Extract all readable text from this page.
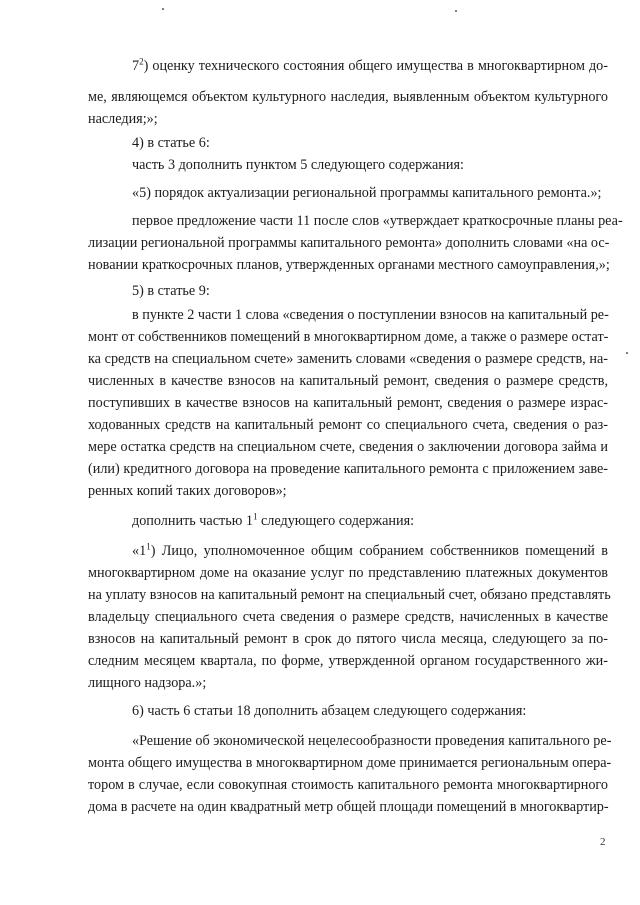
$7^2$) оценку технического состояния общего имущества в многоквартирном до-
ме, являющемся объектом культурного наследия, выявленным объектом культурного
наследия;»;
4) в статье 6:
часть 3 дополнить пунктом 5 следующего содержания:
«5) порядок актуализации региональной программы капитального ремонта.»;
первое предложение части 11 после слов «утверждает краткосрочные планы реа-
лизации региональной программы капитального ремонта» дополнить словами «на ос-
новании краткосрочных планов, утвержденных органами местного самоуправления,»;
5) в статье 9:
в пункте 2 части 1 слова «сведения о поступлении взносов на капитальный ре-
монт от собственников помещений в многоквартирном доме, а также о размере остат-
ка средств на специальном счете» заменить словами «сведения о размере средств, на-
численных в качестве взносов на капитальный ремонт, сведения о размере средств,
поступивших в качестве взносов на капитальный ремонт, сведения о размере израс-
ходованных средств на капитальный ремонт со специального счета, сведения о раз-
мере остатка средств на специальном счете, сведения о заключении договора займа и
(или) кредитного договора на проведение капитального ремонта с приложением заве-
ренных копий таких договоров»;
дополнить частью $1^1$ следующего содержания:
«$1^1$) Лицо, уполномоченное общим собранием собственников помещений в
многоквартирном доме на оказание услуг по представлению платежных документов
на уплату взносов на капитальный ремонт на специальный счет, обязано представлять
владельцу специального счета сведения о размере средств, начисленных в качестве
взносов на капитальный ремонт в срок до пятого числа месяца, следующего за по-
следним месяцем квартала, по форме, утвержденной органом государственного жи-
лищного надзора.»;
6) часть 6 статьи 18 дополнить абзацем следующего содержания:
«Решение об экономической нецелесообразности проведения капитального ре-
монта общего имущества в многоквартирном доме принимается региональным опера-
тором в случае, если совокупная стоимость капитального ремонта многоквартирного
дома в расчете на один квадратный метр общей площади помещений в многоквартир-
2
